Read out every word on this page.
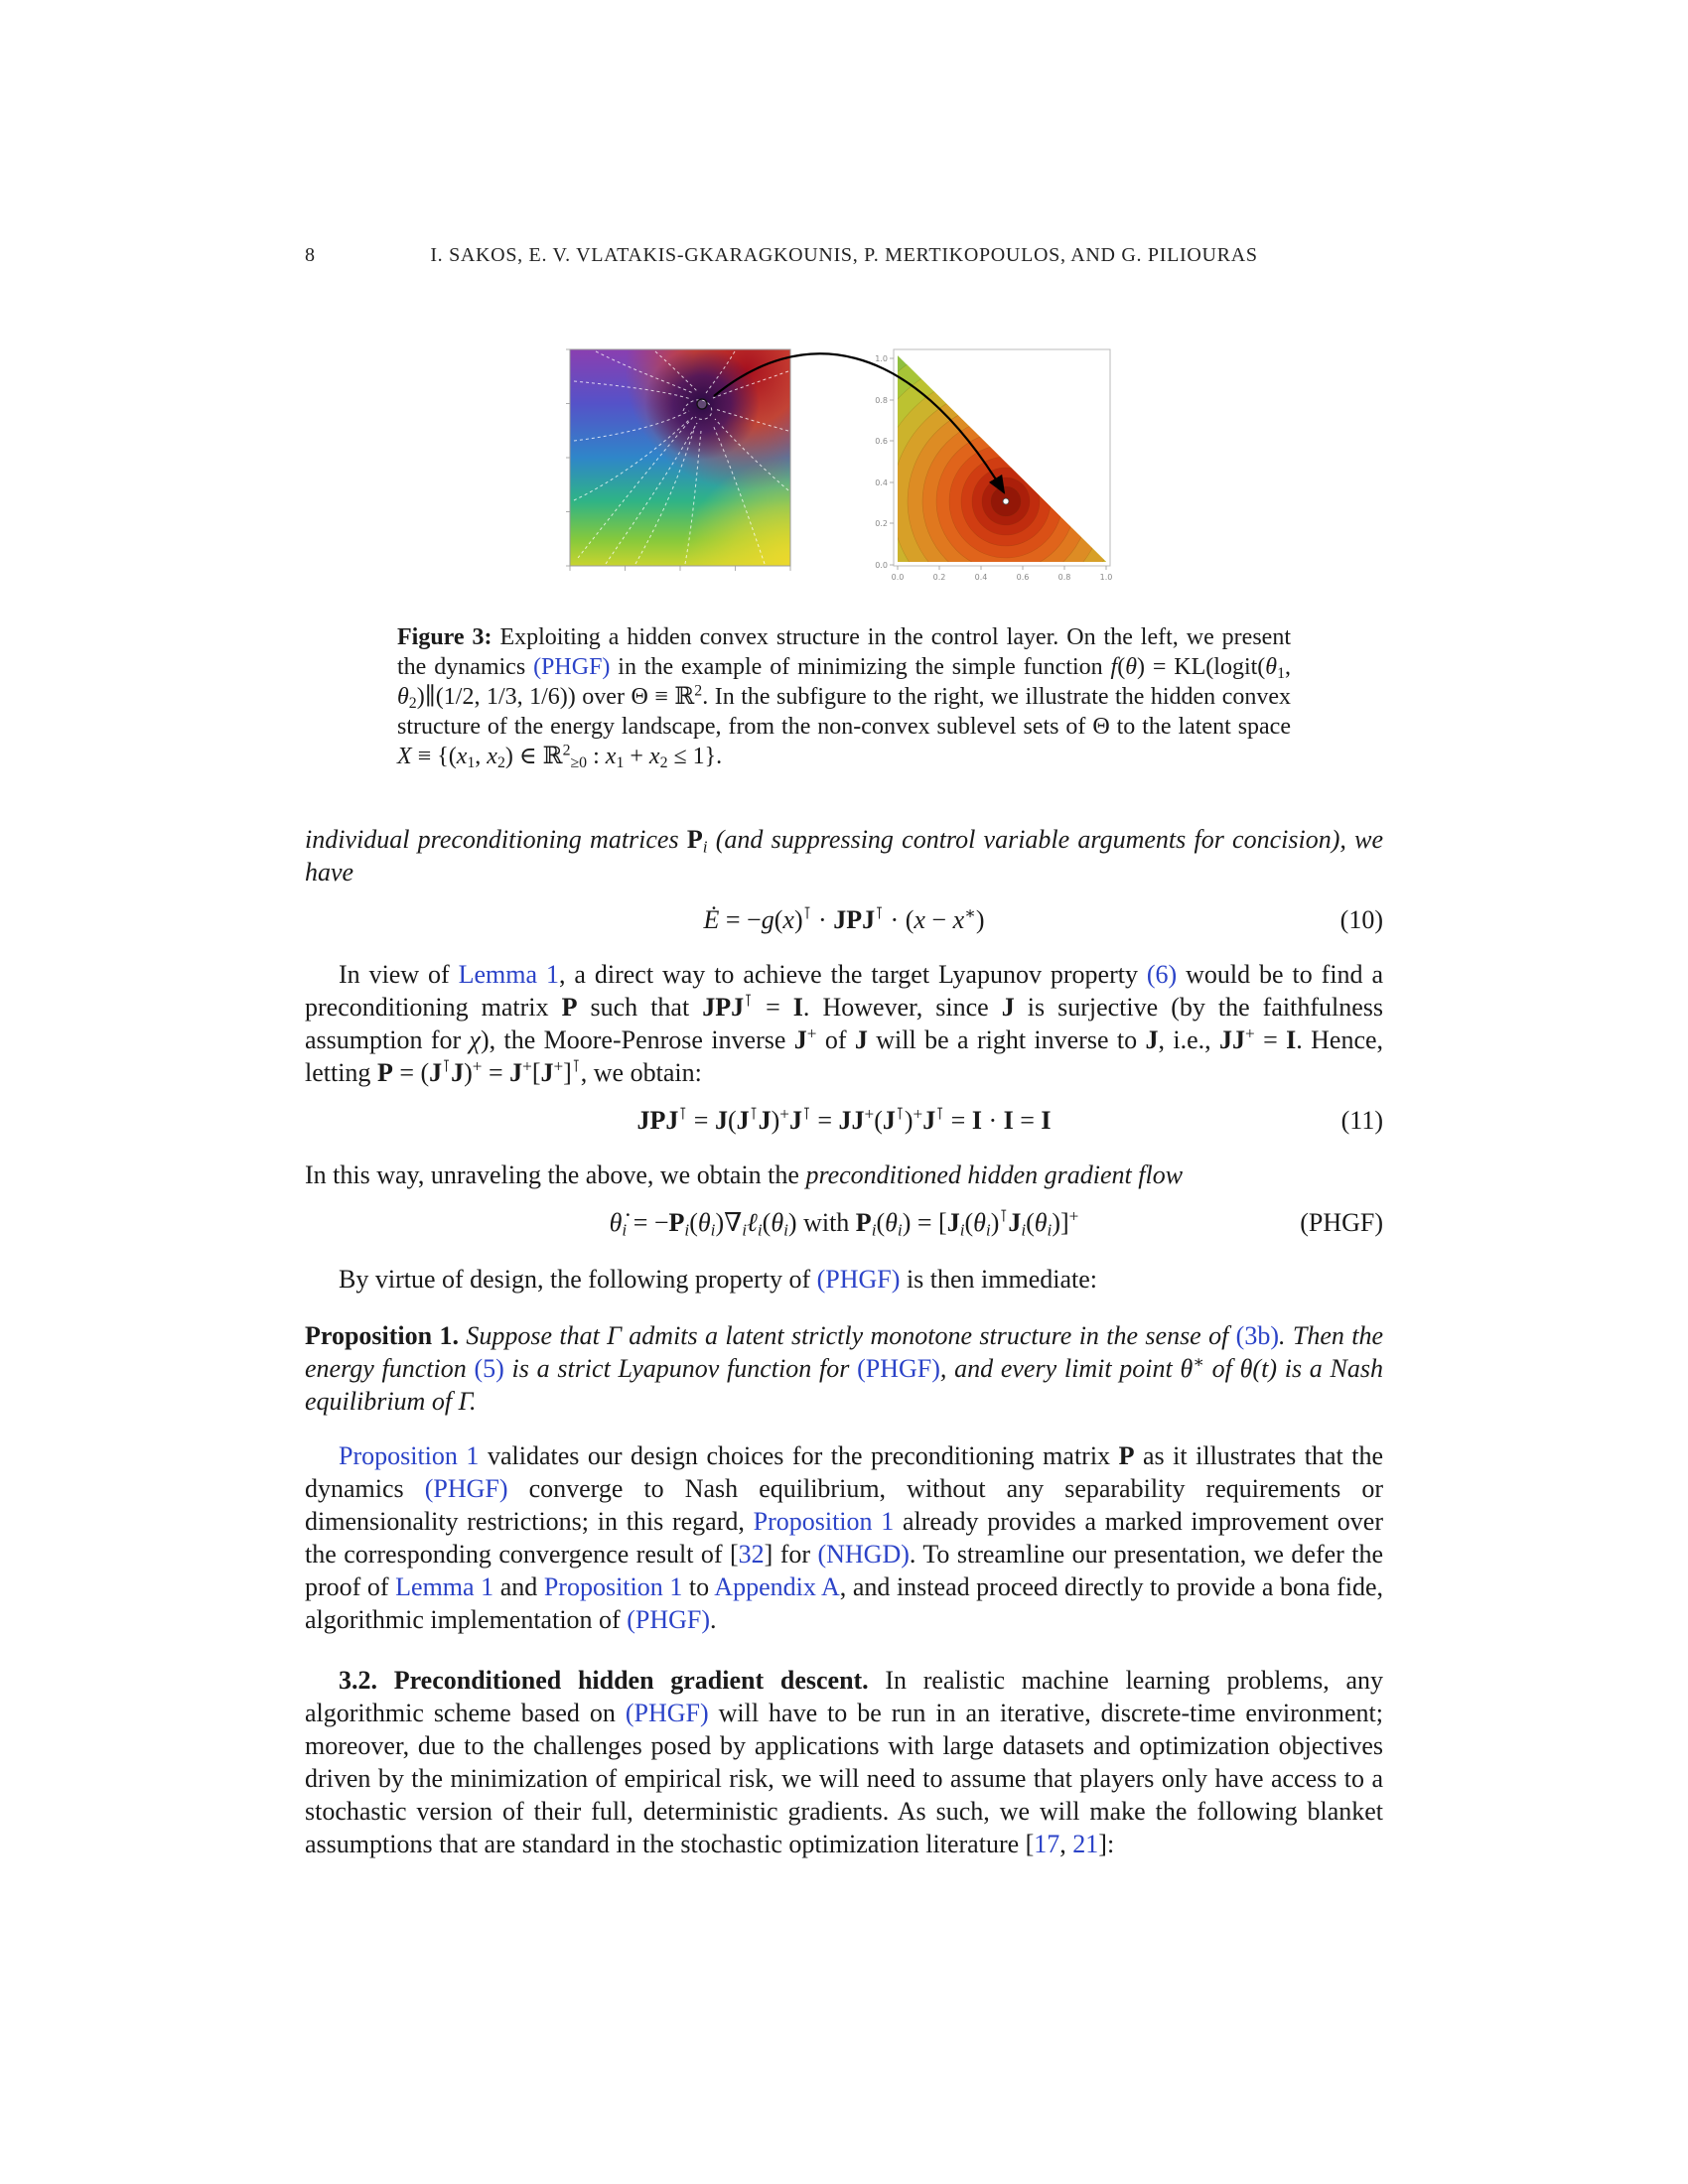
8	I. SAKOS, E. V. VLATAKIS-GKARAGKOUNIS, P. MERTIKOPOULOS, AND G. PILIOURAS
0.0	0.2	0.4	0.6	0.8	1.0
1.0
0.8
0.6
0.4
0.2
0.0
Figure 3: Exploiting a hidden convex structure in the control layer. On the left, we present the dynamics (PHGF) in the example of minimizing the simple function $f(\theta) = KL(logit(\theta_1$, $\theta_2)\parallel(1/2$, 1/3, 1/6)) over Θ ≡ ℝ$^2$. In the subfigure to the right, we illustrate the hidden convex structure of the energy landscape, from the non-convex sublevel sets of Θ to the latent space $X \equiv \{(x_1$, $x_2$) ∈ ℝ$^2_{\ge 0}$ : $x_1 + x_2 \le 1$}.

individual preconditioning matrices $P_i$ (and suppressing control variable arguments for concision), we have

Ė = −g(x)⊺ · JPJ⊺ · (x − x∗)	(10)

In view of Lemma 1, a direct way to achieve the target Lyapunov property (6) would be to find a preconditioning matrix P such that JPJ⊺ = I. However, since J is surjective (by the faithfulness assumption for χ), the Moore-Penrose inverse J+ of J will be a right inverse to J, i.e., JJ+ = I. Hence, letting P = (J⊺J)+ = J+[J+]⊺, we obtain:

JPJ⊺ = J(J⊺J)+J⊺ = JJ+(J⊺)+J⊺ = I · I = I	(11)

In this way, unraveling the above, we obtain the preconditioned hidden gradient flow

$\thetȧ_i$ = $-P_i(\theta_i)\nabla_i\ell_i(\theta_i)$ with $P_i(\theta_i) = [J_i(\theta_i)^⊺J_i(\theta_i)]^+$	(PHGF)

By virtue of design, the following property of (PHGF) is then immediate:

Proposition 1. Suppose that Γ admits a latent strictly monotone structure in the sense of (3b). Then the energy function (5) is a strict Lyapunov function for (PHGF), and every limit point θ∗ of θ(t) is a Nash equilibrium of Γ.

Proposition 1 validates our design choices for the preconditioning matrix P as it illustrates that the dynamics (PHGF) converge to Nash equilibrium, without any separability requirements or dimensionality restrictions; in this regard, Proposition 1 already provides a marked improvement over the corresponding convergence result of [32] for (NHGD). To streamline our presentation, we defer the proof of Lemma 1 and Proposition 1 to Appendix A, and instead proceed directly to provide a bona fide, algorithmic implementation of (PHGF).

3.2. Preconditioned hidden gradient descent. In realistic machine learning problems, any algorithmic scheme based on (PHGF) will have to be run in an iterative, discrete-time environment; moreover, due to the challenges posed by applications with large datasets and optimization objectives driven by the minimization of empirical risk, we will need to assume that players only have access to a stochastic version of their full, deterministic gradients. As such, we will make the following blanket assumptions that are standard in the stochastic optimization literature [17, 21]:
